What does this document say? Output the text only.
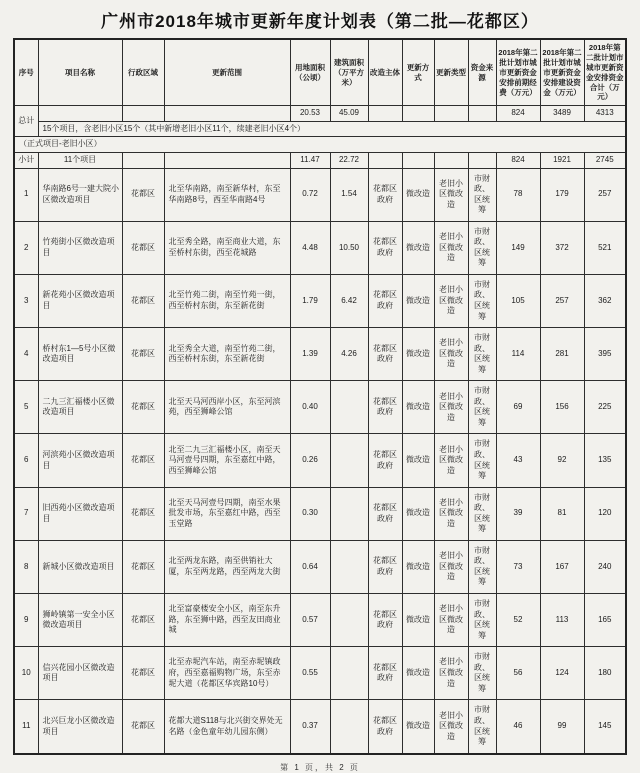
广州市2018年城市更新年度计划表（第二批—花都区）
序号	项目名称	行政区域	更新范围	用地面积（公顷）	建筑面积（万平方米）	改造主体	更新方式	更新类型	资金来源	2018年第二批计划市城市更新资金安排前期经费（万元）	2018年第二批计划市城市更新资金安排建设资金（万元）	2018年第二批计划市城市更新资金安排资金合计（万元）
总计				20.53	45.09					824	3489	4313
	15个项目，含老旧小区15个（其中新增老旧小区11个，续建老旧小区4个）											
（正式项目-老旧小区）												
小计	11个项目			11.47	22.72					824	1921	2745
1	华南路6号一建大院小区微改造项目	花都区	北至华南路，南至新华村，东至华南路8号，西至华南路4号	0.72	1.54	花都区政府	微改造	老旧小区微改造	市财政、区统筹	78	179	257
2	竹苑街小区微改造项目	花都区	北至秀全路，南至商业大道，东至桥村东街，西至花城路	4.48	10.50	花都区政府	微改造	老旧小区微改造	市财政、区统筹	149	372	521
3	新花苑小区微改造项目	花都区	北至竹苑二街，南至竹苑一街，西至桥村东街，东至新花街	1.79	6.42	花都区政府	微改造	老旧小区微改造	市财政、区统筹	105	257	362
4	桥村东1—5号小区微改造项目	花都区	北至秀全大道，南至竹苑二街，西至桥村东街，东至新花街	1.39	4.26	花都区政府	微改造	老旧小区微改造	市财政、区统筹	114	281	395
5	二九三汇福楼小区微改造项目	花都区	北至天马河西岸小区，东至河滨苑，西至狮峰公馆	0.40		花都区政府	微改造	老旧小区微改造	市财政、区统筹	69	156	225
6	河滨苑小区微改造项目	花都区	北至二九三汇福楼小区，南至天马河壹号四期，东至嘉红中路，西至狮峰公馆	0.26		花都区政府	微改造	老旧小区微改造	市财政、区统筹	43	92	135
7	旧西苑小区微改造项目	花都区	北至天马河壹号四期，南至水果批发市场，东至嘉红中路，西至玉堂路	0.30		花都区政府	微改造	老旧小区微改造	市财政、区统筹	39	81	120
8	新城小区微改造项目	花都区	北至两龙东路，南至供销社大厦，东至两龙路，西至两龙大街	0.64		花都区政府	微改造	老旧小区微改造	市财政、区统筹	73	167	240
9	狮岭镇第一安全小区微改造项目	花都区	北至富豪楼安全小区，南至东升路，东至狮中路，西至友田商业城	0.57		花都区政府	微改造	老旧小区微改造	市财政、区统筹	52	113	165
10	信兴花园小区微改造项目	花都区	北至赤坭汽车站，南至赤坭镇政府，西至嘉福购物广场，东至赤坭大道（花都区华宾路10号）	0.55		花都区政府	微改造	老旧小区微改造	市财政、区统筹	56	124	180
11	北兴巨龙小区微改造项目	花都区	花都大道S118与北兴街交界处无名路（金色童年幼儿园东侧）	0.37		花都区政府	微改造	老旧小区微改造	市财政、区统筹	46	99	145
第 1 页，共 2 页
